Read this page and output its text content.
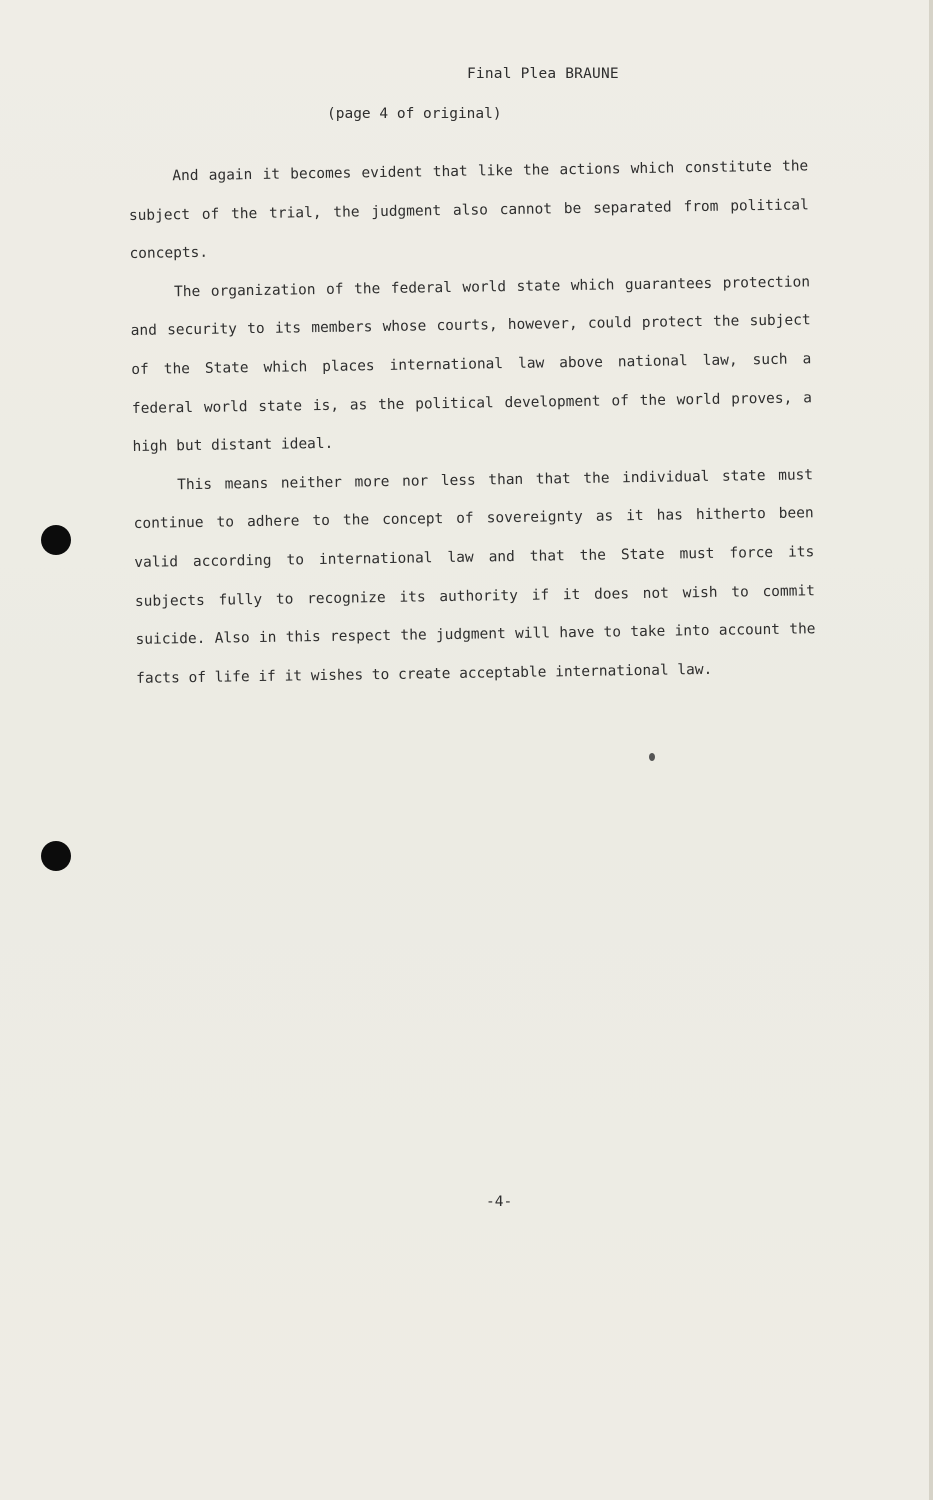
Final Plea BRAUNE
(page 4 of original)

And again it becomes evident that like the actions which constitute the subject of the trial, the judgment also cannot be separated from political concepts.

The organization of the federal world state which guarantees protection and security to its members whose courts, however, could protect the subject of the State which places international law above national law, such a federal world state is, as the political development of the world proves, a high but distant ideal.

This means neither more nor less than that the individual state must continue to adhere to the concept of sovereignty as it has hitherto been valid according to international law and that the State must force its subjects fully to recognize its authority if it does not wish to commit suicide. Also in this respect the judgment will have to take into account the facts of life if it wishes to create acceptable international law.

-4-
